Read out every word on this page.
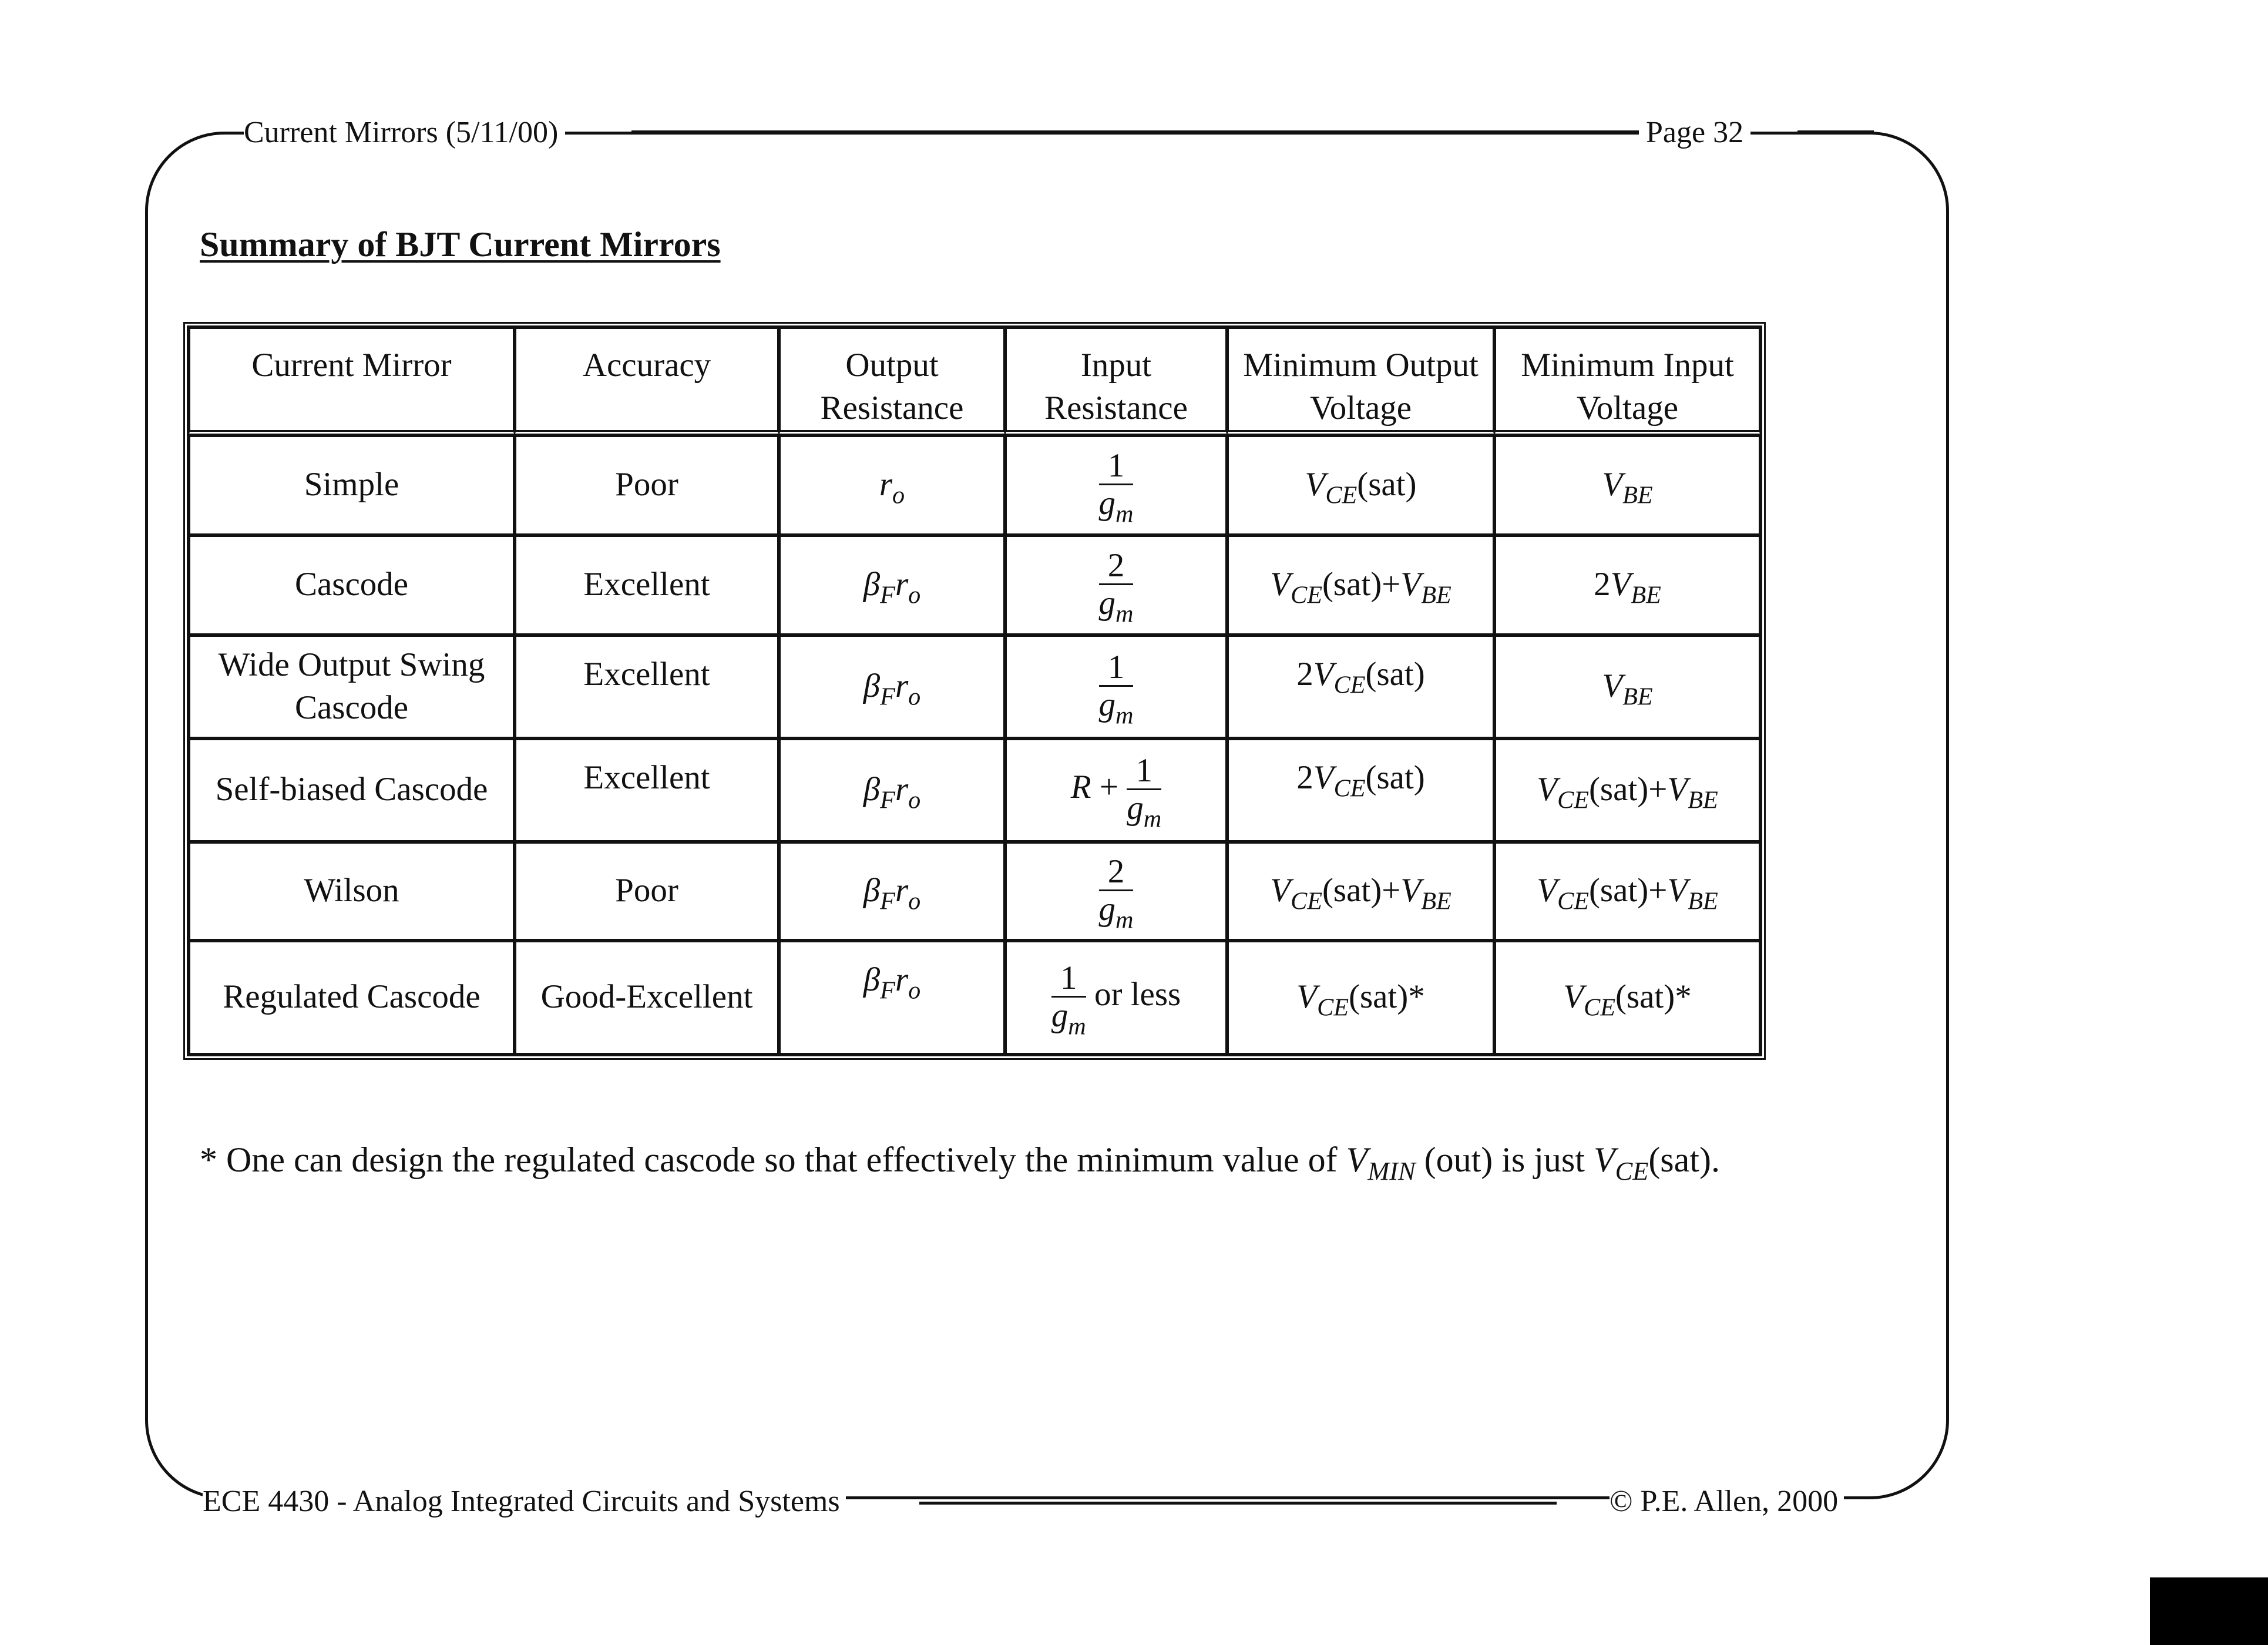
Current Mirrors (5/11/00)	Page 32
Summary of BJT Current Mirrors
Current Mirror	Accuracy	Output Resistance	Input Resistance	Minimum Output Voltage	Minimum Input Voltage
Simple	Poor	$r_o$	$\frac{1}{g_m}$	$V_{CE}(sat)$	$V_{BE}$
Cascode	Excellent	$\beta_Fr_o$	$\frac{2}{g_m}$	$V_{CE}(sat)+V_{BE}$	$2V_{BE}$
Wide Output Swing Cascode	Excellent	$\beta_Fr_o$	$\frac{1}{g_m}$	$2V_{CE}(sat)$	$V_{BE}$
Self-biased Cascode	Excellent	$\beta_Fr_o$	$R + \frac{1}{g_m}$	$2V_{CE}(sat)$	$V_{CE}(sat)+V_{BE}$
Wilson	Poor	$\beta_Fr_o$	$\frac{2}{g_m}$	$V_{CE}(sat)+V_{BE}$	$V_{CE}(sat)+V_{BE}$
Regulated Cascode	Good-Excellent	$\beta_Fr_o$	$\frac{1}{g_m}$ or less	$V_{CE}(sat)*$	$V_{CE}(sat)*$
* One can design the regulated cascode so that effectively the minimum value of $V_{MIN}$ (out) is just $V_{CE}(sat)$.
ECE 4430 - Analog Integrated Circuits and Systems	© P.E. Allen, 2000
